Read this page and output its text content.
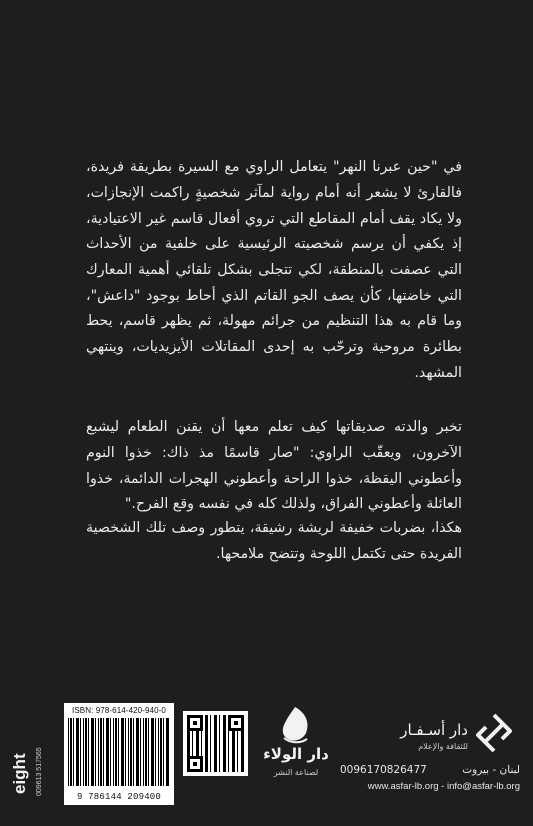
في "حين عبرنا النهر" يتعامل الراوي مع السيرة بطريقة فريدة، فالقارئ لا يشعر أنه أمام رواية لمآثر شخصيةٍ راكمت الإنجازات، ولا يكاد يقف أمام المقاطع التي تروي أفعال قاسم غير الاعتيادية، إذ يكفي أن يرسم شخصيته الرئيسية على خلفية من الأحداث التي عصفت بالمنطقة، لكي تتجلى بشكل تلقائي أهمية المعارك التي خاضتها، كأن يصف الجو القاتم الذي أحاط بوجود "داعش"، وما قام به هذا التنظيم من جرائم مهولة، ثم يظهر قاسم، يحط بطائرة مروحية وترحّب به إحدى المقاتلات الأيزيديات، وينتهي المشهد.

تخبر والدته صديقاتها كيف تعلم معها أن يقنن الطعام ليشبع الآخرون، ويعقّب الراوي: "صار قاسمًا مذ ذاك: خذوا النوم وأعطوني اليقظة، خذوا الراحة وأعطوني الهجرات الدائمة، خذوا العائلة وأعطوني الفراق، ولذلك كله في نفسه وقع الفرح."

هكذا، بضربات خفيفة لريشة رشيقة، يتطور وصف تلك الشخصية الفريدة حتى تكتمل اللوحة وتتضح ملامحها.

eight 009613 517565
ISBN: 978-614-420-940-0
9 786144 209400
دار الولاء
لصناعة النشر
دار أسـفـار
للثقافة والإعلام
0096170826477	لبنان - بيروت
www.asfar-lb.org - info@asfar-lb.org
